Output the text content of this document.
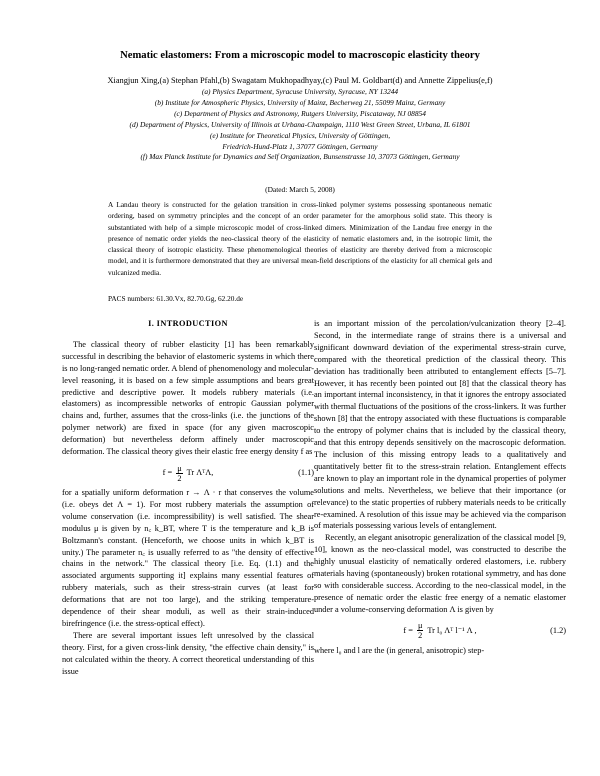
Nematic elastomers: From a microscopic model to macroscopic elasticity theory
Xiangjun Xing,(a) Stephan Pfahl,(b) Swagatam Mukhopadhyay,(c) Paul M. Goldbart(d) and Annette Zippelius(e,f)
(a) Physics Department, Syracuse University, Syracuse, NY 13244
(b) Institute for Atmospheric Physics, University of Mainz, Becherweg 21, 55099 Mainz, Germany
(c) Department of Physics and Astronomy, Rutgers University, Piscataway, NJ 08854
(d) Department of Physics, University of Illinois at Urbana-Champaign, 1110 West Green Street, Urbana, IL 61801
(e) Institute for Theoretical Physics, University of Göttingen,
Friedrich-Hund-Platz 1, 37077 Göttingen, Germany
(f) Max Planck Institute for Dynamics and Self Organization, Bunsenstrasse 10, 37073 Göttingen, Germany
(Dated: March 5, 2008)
A Landau theory is constructed for the gelation transition in cross-linked polymer systems possessing spontaneous nematic ordering, based on symmetry principles and the concept of an order parameter for the amorphous solid state. This theory is substantiated with help of a simple microscopic model of cross-linked dimers. Minimization of the Landau free energy in the presence of nematic order yields the neo-classical theory of the elasticity of nematic elastomers and, in the isotropic limit, the classical theory of isotropic elasticity. These phenomenological theories of elasticity are thereby derived from a microscopic model, and it is furthermore demonstrated that they are universal mean-field descriptions of the elasticity for all chemical gels and vulcanized media.
PACS numbers: 61.30.Vx, 82.70.Gg, 62.20.de
I. INTRODUCTION

The classical theory of rubber elasticity [1] has been remarkably successful in describing the behavior of elastomeric systems in which there is no long-ranged nematic order. A blend of phenomenology and molecular-level reasoning, it is based on a few simple assumptions and bears great predictive and descriptive power. It models rubbery materials (i.e. elastomers) as incompressible networks of entropic Gaussian polymer chains and, further, assumes that the cross-links (i.e. the junctions of the polymer network) are fixed in space (for any given macroscopic deformation) but nevertheless deform affinely under macroscopic deformation. The classical theory gives their elastic free energy density f as

$f = \frac{\mu}{2}$ Tr ΛᵀΛ,	(1.1)

for a spatially uniform deformation r → Λ · r that conserves the volume (i.e. obeys det Λ = 1). For most rubbery materials the assumption of volume conservation (i.e. incompressibility) is well satisfied. The shear modulus μ is given by n꜀ k_BT, where T is the temperature and k_B is Boltzmann's constant. (Henceforth, we choose units in which k_BT is unity.) The parameter n꜀ is usually referred to as "the density of effective chains in the network." The classical theory [i.e. Eq. (1.1) and the associated arguments supporting it] explains many essential features of rubbery materials, such as their stress-strain curves (at least for deformations that are not too large), and the striking temperature-dependence of their shear moduli, as well as their strain-induced birefringence (i.e. the stress-optical effect).

There are several important issues left unresolved by the classical theory. First, for a given cross-link density, "the effective chain density," is not calculated within the theory. A correct theoretical understanding of this issue

is an important mission of the percolation/vulcanization theory [2–4]. Second, in the intermediate range of strains there is a universal and significant downward deviation of the experimental stress-strain curve, compared with the theoretical prediction of the classical theory. This deviation has traditionally been attributed to entanglement effects [5–7]. However, it has recently been pointed out [8] that the classical theory has an important internal inconsistency, in that it ignores the entropy associated with thermal fluctuations of the positions of the cross-linkers. It was further shown [8] that the entropy associated with these fluctuations is comparable to the entropy of polymer chains that is included by the classical theory, and that this entropy depends sensitively on the macroscopic deformation. The inclusion of this missing entropy leads to a qualitatively and quantitatively better fit to the stress-strain relation. Entanglement effects are known to play an important role in the dynamical properties of polymer solutions and melts. Nevertheless, we believe that their importance (or relevance) to the static properties of rubbery materials needs to be critically re-examined. A resolution of this issue may be achieved via the comparison of materials possessing various levels of entanglement.

Recently, an elegant anisotropic generalization of the classical model [9, 10], known as the neo-classical model, was constructed to describe the highly unusual elasticity of nematically ordered elastomers, i.e. rubbery materials having (spontaneously) broken rotational symmetry, and has done so with considerable success. According to the neo-classical model, in the presence of nematic order the elastic free energy of a nematic elastomer under a volume-conserving deformation Λ is given by

$f = \frac{\mu}{2}$ Tr l₀ Λᵀ l⁻¹ Λ ,	(1.2)

where l₀ and l are the (in general, anisotropic) step-
